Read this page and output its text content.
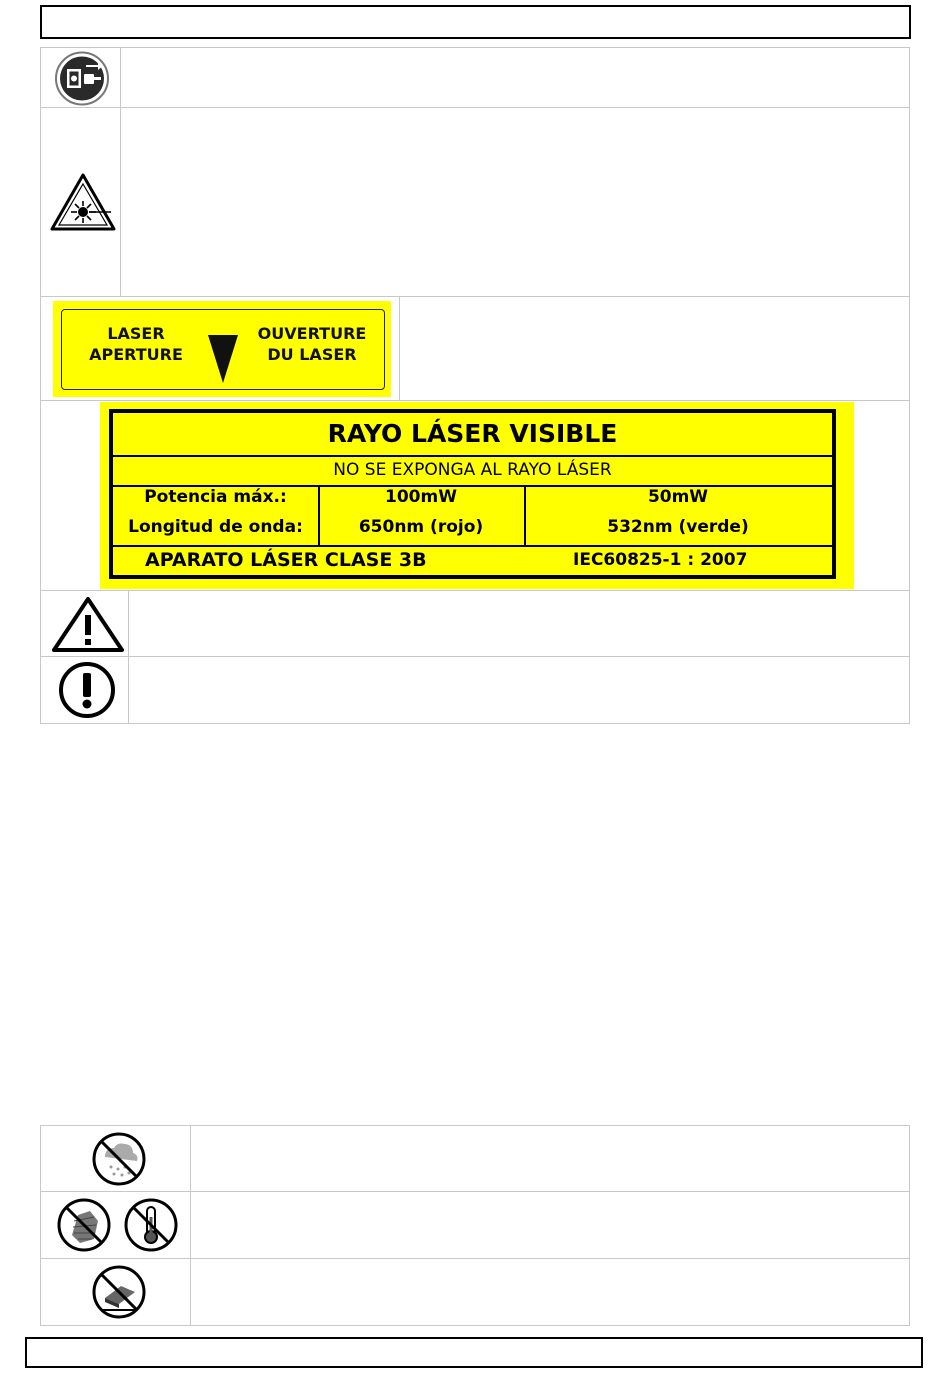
LASER
APERTURE
OUVERTURE
DU LASER
RAYO LÁSER VISIBLE
NO SE EXPONGA AL RAYO LÁSER
Potencia máx.:
Longitud de onda:
100mW
650nm (rojo)
50mW
532nm (verde)
APARATO LÁSER CLASE 3B	IEC60825-1 : 2007
